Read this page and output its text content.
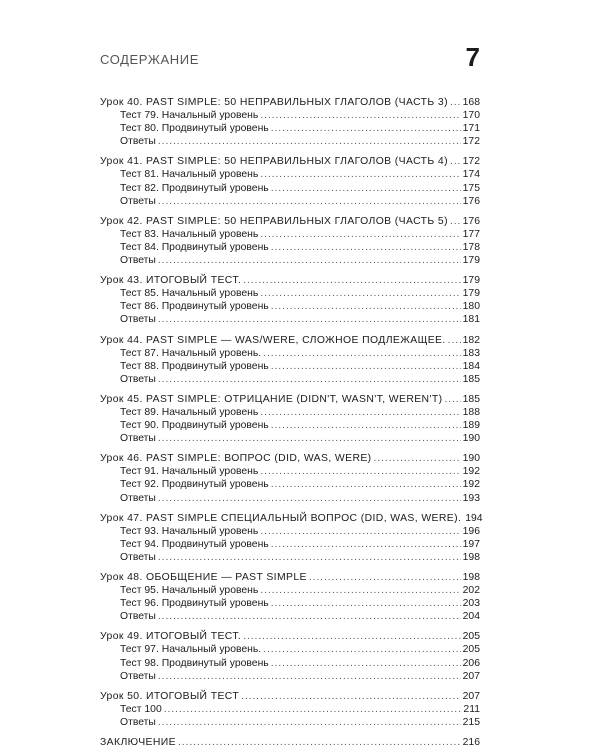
СОДЕРЖАНИЕ	7
Урок 40. PAST SIMPLE: 50 НЕПРАВИЛЬНЫХ ГЛАГОЛОВ (ЧАСТЬ 3) . . . 168
Тест 79. Начальный уровень . . .	170
Тест 80. Продвинутый уровень . . .	171
Ответы . . .	172
Урок 41. PAST SIMPLE: 50 НЕПРАВИЛЬНЫХ ГЛАГОЛОВ (ЧАСТЬ 4) . . . 172
Тест 81. Начальный уровень . . .	174
Тест 82. Продвинутый уровень . . .	175
Ответы . . .	176
Урок 42. PAST SIMPLE: 50 НЕПРАВИЛЬНЫХ ГЛАГОЛОВ (ЧАСТЬ 5) . . . 176
Тест 83. Начальный уровень . . .	177
Тест 84. Продвинутый уровень . . .	178
Ответы . . .	179
Урок 43. ИТОГОВЫЙ ТЕСТ. . . .	179
Тест 85. Начальный уровень . . .	179
Тест 86. Продвинутый уровень . . .	180
Ответы . . .	181
Урок 44. PAST SIMPLE — WAS/WERE, СЛОЖНОЕ ПОДЛЕЖАЩЕЕ. . . . 182
Тест 87. Начальный уровень. . . .	183
Тест 88. Продвинутый уровень . . .	184
Ответы . . .	185
Урок 45. PAST SIMPLE: ОТРИЦАНИЕ (DIDN'T, WASN'T, WEREN'T) . . . 185
Тест 89. Начальный уровень . . .	188
Тест 90. Продвинутый уровень . . .	189
Ответы . . .	190
Урок 46. PAST SIMPLE: ВОПРОС (DID, WAS, WERE) . . .	190
Тест 91. Начальный уровень . . .	192
Тест 92. Продвинутый уровень . . .	192
Ответы . . .	193
Урок 47. PAST SIMPLE СПЕЦИАЛЬНЫЙ ВОПРОС (DID, WAS, WERE). 194
Тест 93. Начальный уровень . . .	196
Тест 94. Продвинутый уровень . . .	197
Ответы . . .	198
Урок 48. ОБОБЩЕНИЕ — PAST SIMPLE . . .	198
Тест 95. Начальный уровень . . .	202
Тест 96. Продвинутый уровень . . .	203
Ответы . . .	204
Урок 49. ИТОГОВЫЙ ТЕСТ. . . .	205
Тест 97. Начальный уровень. . . .	205
Тест 98. Продвинутый уровень . . .	206
Ответы . . .	207
Урок 50. ИТОГОВЫЙ ТЕСТ . . .	207
Тест 100 . . .	211
Ответы . . .	215
ЗАКЛЮЧЕНИЕ . . .	216
